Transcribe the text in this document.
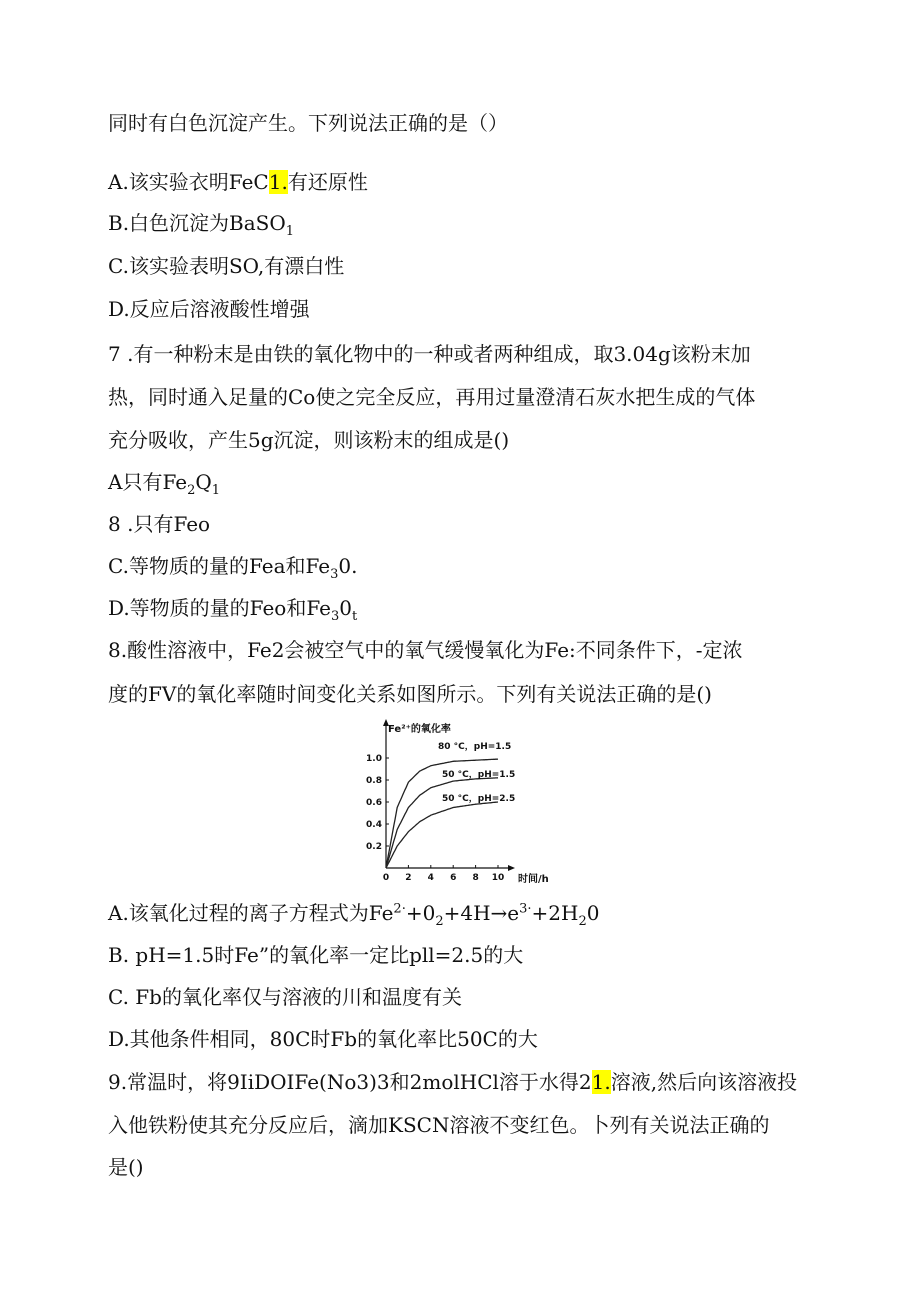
同时有白色沉淀产生。下列说法正确的是（）
A.该实验衣明FeC1.有还原性
B.白色沉淀为BaSO$_1$
C.该实验表明SO,有漂白性
D.反应后溶液酸性增强
7 .有一种粉末是由铁的氧化物中的一种或者两种组成，取3.04g该粉末加
热，同时通入足量的Co使之完全反应，再用过量澄清石灰水把生成的气体
充分吸收，产生5g沉淀，则该粉末的组成是()
A只有$Fe_2Q_1$
8 .只有Feo
C.等物质的量的Fea和$Fe_30$.
D.等物质的量的Feo和$Fe_30_t$
8.酸性溶液中，Fe2会被空气中的氧气缓慢氧化为Fe:不同条件下，-定浓
度的FV的氧化率随时间变化关系如图所示。下列有关说法正确的是()
A.该氧化过程的离子方程式为$Fe^{2\cdot}+0_2+4H\to e^{3\cdot}+2H_20$
B. pH=1.5时Fe”的氧化率一定比pll=2.5的大
C. Fb的氧化率仅与溶液的川和温度有关
D.其他条件相同，80C时Fb的氧化率比50C的大
9.常温时，将9IiDOIFe(No3)3和2molHCl溶于水得21.溶液,然后向该溶液投
入他铁粉使其充分反应后，滴加KSCN溶液不变红色。卜列有关说法正确的
是()
Fe²⁺的氧化率
时间/h
0 2 4 6 8 10
0.2
0.4
0.6
0.8
1.0
80 °C，pH=1.5
50 °C，pH=1.5
50 °C，pH=2.5
